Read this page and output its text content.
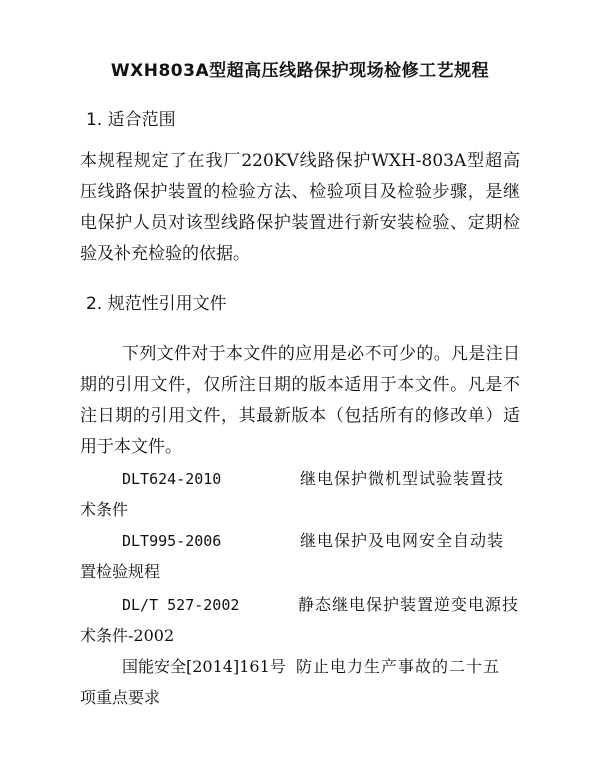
WXH803A型超高压线路保护现场检修工艺规程
1. 适合范围
本规程规定了在我厂220KV线路保护WXH-803A型超高压线路保护装置的检验方法、检验项目及检验步骤，是继电保护人员对该型线路保护装置进行新安装检验、定期检验及补充检验的依据。
2. 规范性引用文件
下列文件对于本文件的应用是必不可少的。凡是注日期的引用文件，仅所注日期的版本适用于本文件。凡是不注日期的引用文件，其最新版本（包括所有的修改单）适用于本文件。
DLT624-2010	继电保护微机型试验装置技
术条件
DLT995-2006	继电保护及电网安全自动装
置检验规程
DL/T 527-2002	静态继电保护装置逆变电源技
术条件-2002
国能安全[2014]161号 防止电力生产事故的二十五
项重点要求
